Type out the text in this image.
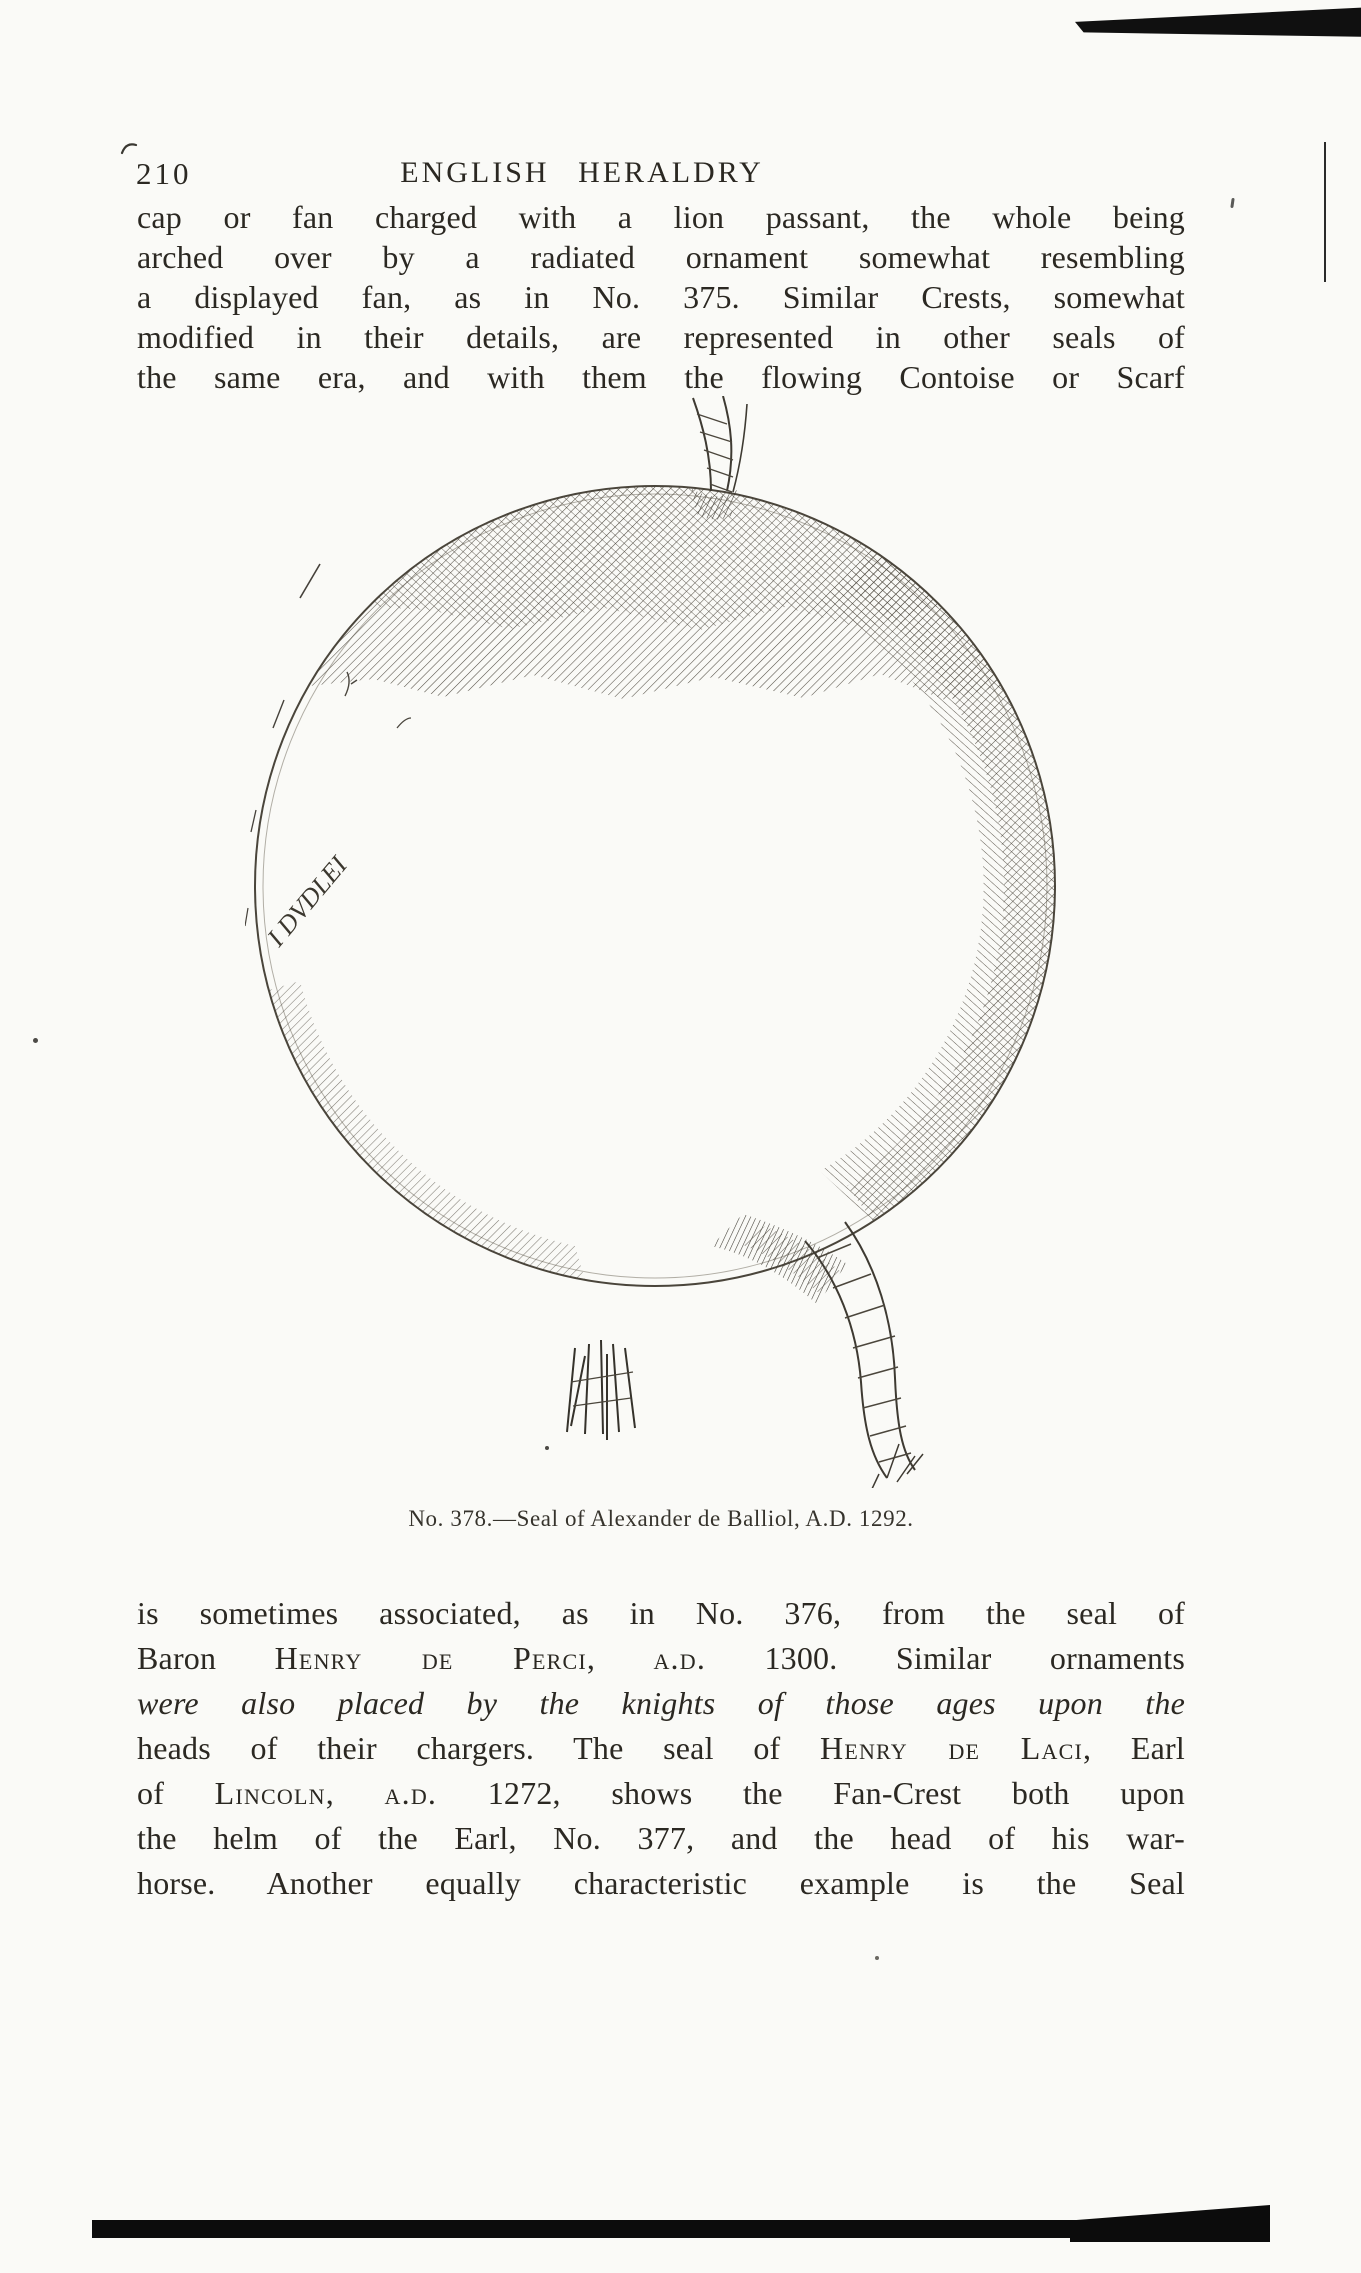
210	ENGLISH HERALDRY
cap or fan charged with a lion passant, the whole being
arched over by a radiated ornament somewhat resembling
a displayed fan, as in No. 375. Similar Crests, somewhat
modified in their details, are represented in other seals of
the same era, and with them the flowing Contoise or Scarf
I DVDLEI
No. 378.—Seal of Alexander de Balliol, A.D. 1292.
is sometimes associated, as in No. 376, from the seal of
Baron Henry de Perci, a.d. 1300. Similar ornaments
were also placed by the knights of those ages upon the
heads of their chargers. The seal of Henry de Laci, Earl
of Lincoln, a.d. 1272, shows the Fan-Crest both upon
the helm of the Earl, No. 377, and the head of his war-
horse. Another equally characteristic example is the Seal
